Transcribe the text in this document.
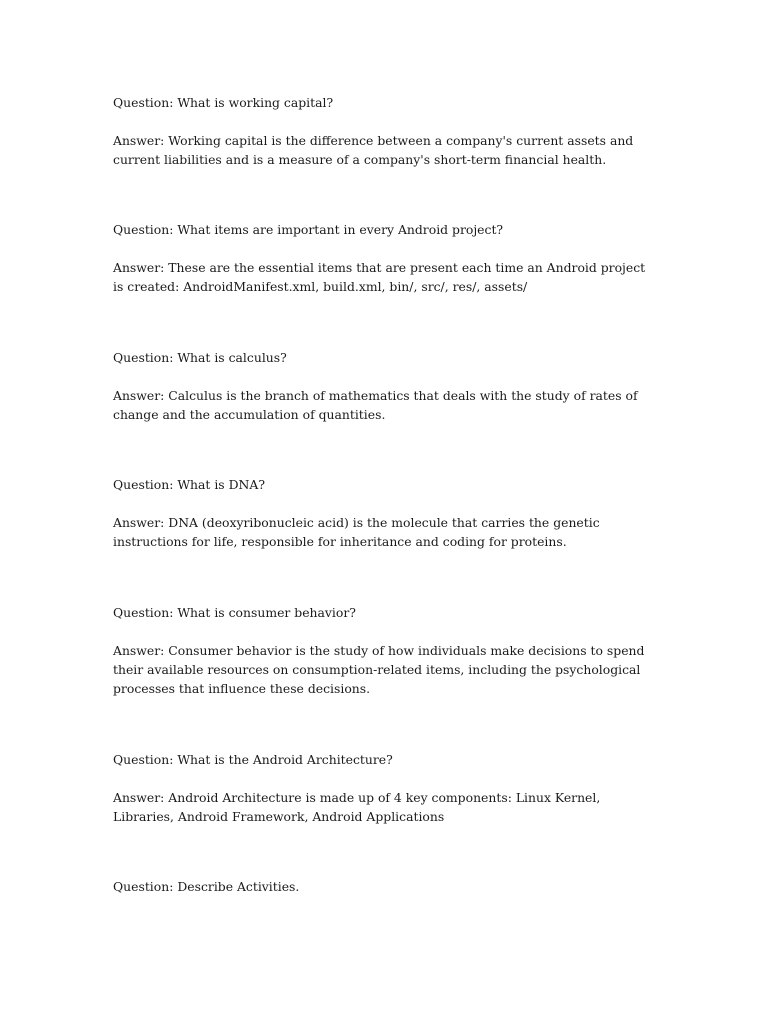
Question: What is working capital?

Answer: Working capital is the difference between a company's current assets and current liabilities and is a measure of a company's short-term financial health.

Question: What items are important in every Android project?

Answer: These are the essential items that are present each time an Android project is created: AndroidManifest.xml, build.xml, bin/, src/, res/, assets/

Question: What is calculus?

Answer: Calculus is the branch of mathematics that deals with the study of rates of change and the accumulation of quantities.

Question: What is DNA?

Answer: DNA (deoxyribonucleic acid) is the molecule that carries the genetic instructions for life, responsible for inheritance and coding for proteins.

Question: What is consumer behavior?

Answer: Consumer behavior is the study of how individuals make decisions to spend their available resources on consumption-related items, including the psychological processes that influence these decisions.

Question: What is the Android Architecture?

Answer: Android Architecture is made up of 4 key components: Linux Kernel, Libraries, Android Framework, Android Applications

Question: Describe Activities.
